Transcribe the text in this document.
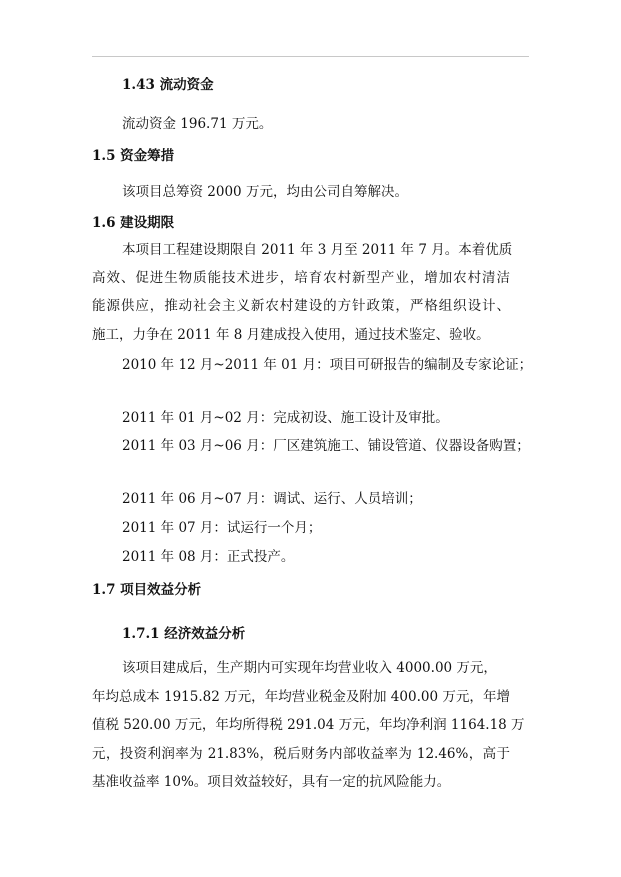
1.43 流动资金
流动资金 196.71 万元。
1.5 资金筹措
该项目总筹资 2000 万元，均由公司自筹解决。
1.6 建设期限
本项目工程建设期限自 2011 年 3 月至 2011 年 7 月。本着优质
高效、促进生物质能技术进步，培育农村新型产业，增加农村清洁
能源供应，推动社会主义新农村建设的方针政策，严格组织设计、
施工，力争在 2011 年 8 月建成投入使用，通过技术鉴定、验收。
2010 年 12 月~2011 年 01 月：项目可研报告的编制及专家论证；
2011 年 01 月~02 月：完成初设、施工设计及审批。
2011 年 03 月~06 月：厂区建筑施工、铺设管道、仪器设备购置；
2011 年 06 月~07 月：调试、运行、人员培训；
2011 年 07 月：试运行一个月；
2011 年 08 月：正式投产。
1.7 项目效益分析
1.7.1 经济效益分析
该项目建成后，生产期内可实现年均营业收入 4000.00 万元，
年均总成本 1915.82 万元，年均营业税金及附加 400.00 万元，年增
值税 520.00 万元，年均所得税 291.04 万元，年均净利润 1164.18 万
元，投资利润率为 21.83%，税后财务内部收益率为 12.46%，高于
基准收益率 10%。项目效益较好，具有一定的抗风险能力。
